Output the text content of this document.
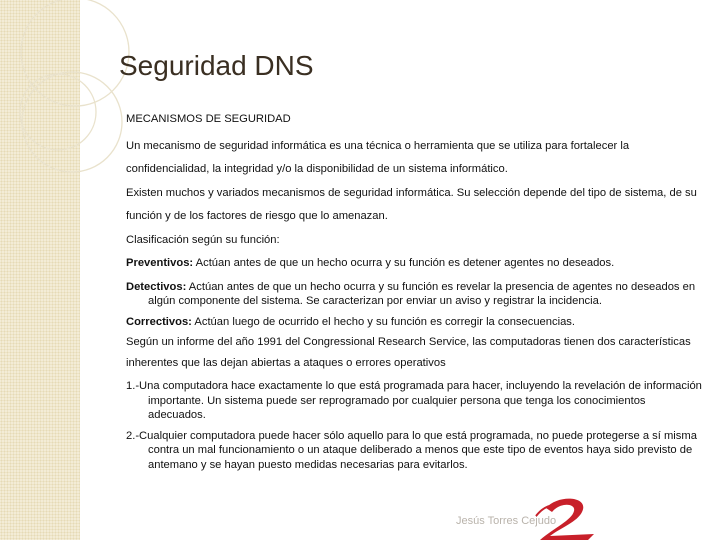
Seguridad DNS

MECANISMOS DE SEGURIDAD

Un mecanismo de seguridad informática es una técnica o herramienta que se utiliza para fortalecer la

confidencialidad, la integridad y/o la disponibilidad de un sistema informático.

Existen muchos y variados mecanismos de seguridad informática. Su selección depende del tipo de sistema, de su

función y de los factores de riesgo que lo amenazan.

Clasificación según su función:

Preventivos: Actúan antes de que un hecho ocurra y su función es detener agentes no deseados.

Detectivos: Actúan antes de que un hecho ocurra y su función es revelar la presencia de agentes no deseados en algún componente del sistema. Se caracterizan por enviar un aviso y registrar la incidencia.

Correctivos: Actúan luego de ocurrido el hecho y su función es corregir la consecuencias.

Según un informe del año 1991 del Congressional Research Service, las computadoras tienen dos características

inherentes que las dejan abiertas a ataques o errores operativos

1.-Una computadora hace exactamente lo que está programada para hacer, incluyendo la revelación de información importante. Un sistema puede ser reprogramado por cualquier persona que tenga los conocimientos adecuados.

2.-Cualquier computadora puede hacer sólo aquello para lo que está programada, no puede protegerse a sí misma contra un mal funcionamiento o un ataque deliberado a menos que este tipo de eventos haya sido previsto de antemano y se hayan puesto medidas necesarias para evitarlos.

Jesús Torres Cejudo
